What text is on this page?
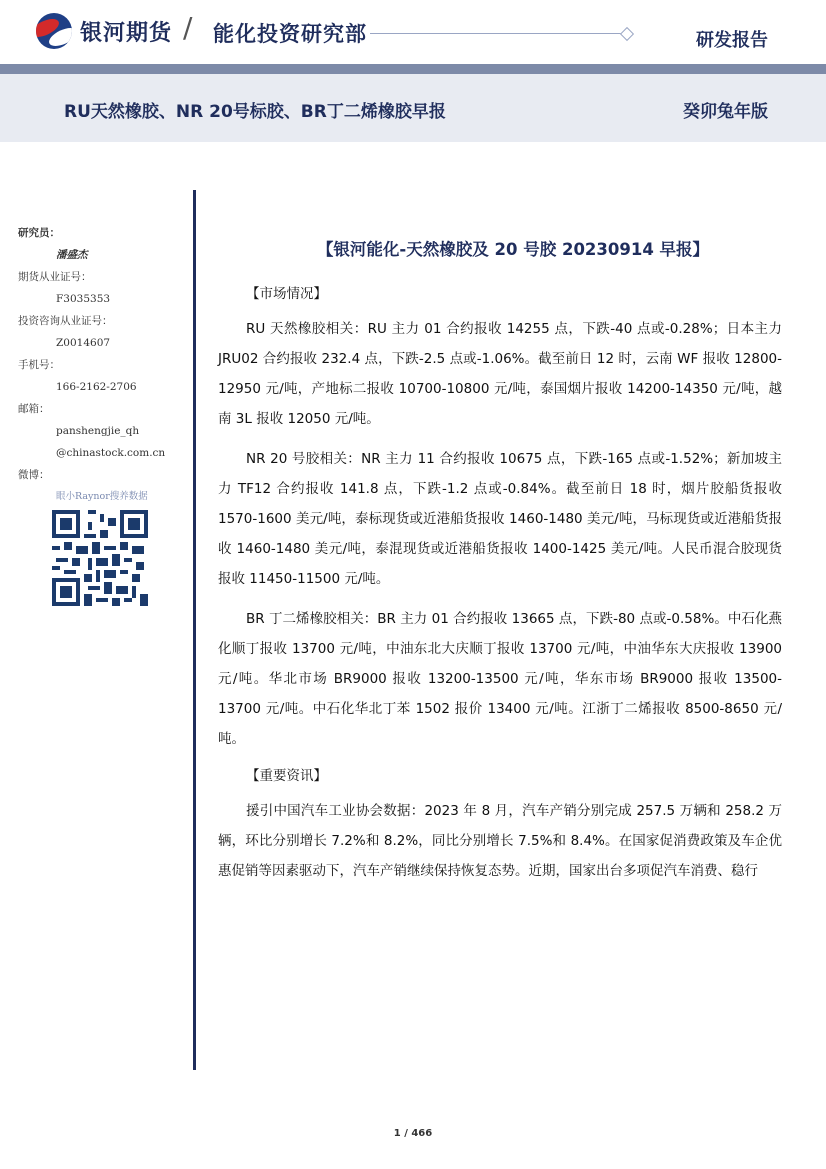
银河期货 / 能化投资研究部	研发报告
RU天然橡胶、NR 20号标胶、BR丁二烯橡胶早报	癸卯兔年版
研究员：
潘盛杰
期货从业证号：
F3035353
投资咨询从业证号：
Z0014607
手机号：
166-2162-2706
邮箱：
panshengjie_qh
@chinastock.com.cn
微博：
眼小Raynor搜养数据
【银河能化-天然橡胶及 20 号胶 20230914 早报】
【市场情况】

RU 天然橡胶相关：RU 主力 01 合约报收 14255 点，下跌-40 点或-0.28%；日本主力 JRU02 合约报收 232.4 点，下跌-2.5 点或-1.06%。截至前日 12 时，云南 WF 报收 12800-12950 元/吨，产地标二报收 10700-10800 元/吨，泰国烟片报收 14200-14350 元/吨，越南 3L 报收 12050 元/吨。

NR 20 号胶相关：NR 主力 11 合约报收 10675 点，下跌-165 点或-1.52%；新加坡主力 TF12 合约报收 141.8 点，下跌-1.2 点或-0.84%。截至前日 18 时，烟片胶船货报收 1570-1600 美元/吨，泰标现货或近港船货报收 1460-1480 美元/吨，马标现货或近港船货报收 1460-1480 美元/吨，泰混现货或近港船货报收 1400-1425 美元/吨。人民币混合胶现货报收 11450-11500 元/吨。

BR 丁二烯橡胶相关：BR 主力 01 合约报收 13665 点，下跌-80 点或-0.58%。中石化燕化顺丁报收 13700 元/吨，中油东北大庆顺丁报收 13700 元/吨，中油华东大庆报收 13900 元/吨。华北市场 BR9000 报收 13200-13500 元/吨，华东市场 BR9000 报收 13500-13700 元/吨。中石化华北丁苯 1502 报价 13400 元/吨。江浙丁二烯报收 8500-8650 元/吨。

【重要资讯】

援引中国汽车工业协会数据：2023 年 8 月，汽车产销分别完成 257.5 万辆和 258.2 万辆，环比分别增长 7.2%和 8.2%，同比分别增长 7.5%和 8.4%。在国家促消费政策及车企优惠促销等因素驱动下，汽车产销继续保持恢复态势。近期，国家出台多项促汽车消费、稳行

1 / 466
